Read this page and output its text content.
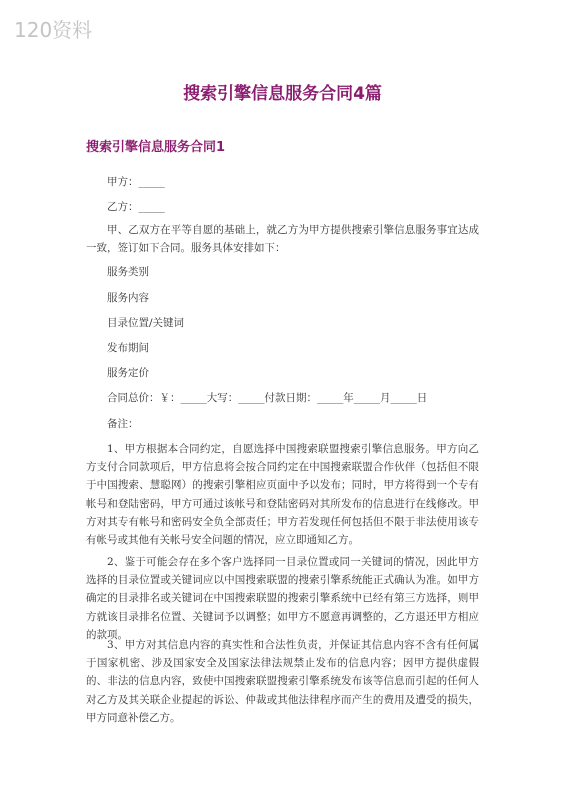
120资料
搜索引擎信息服务合同4篇
搜索引擎信息服务合同1
甲方：_____
乙方：_____
甲、乙双方在平等自愿的基础上，就乙方为甲方提供搜索引擎信息服务事宜达成一致，签订如下合同。服务具体安排如下：
服务类别
服务内容
目录位置/关键词
发布期间
服务定价
合同总价：￥：_____大写：_____付款日期：_____年_____月_____日
备注：
1、甲方根据本合同约定，自愿选择中国搜索联盟搜索引擎信息服务。甲方向乙方支付合同款项后，甲方信息将会按合同约定在中国搜索联盟合作伙伴（包括但不限于中国搜索、慧聪网）的搜索引擎相应页面中予以发布；同时，甲方将得到一个专有帐号和登陆密码，甲方可通过该帐号和登陆密码对其所发布的信息进行在线修改。甲方对其专有帐号和密码安全负全部责任；甲方若发现任何包括但不限于非法使用该专有帐号或其他有关帐号安全问题的情况，应立即通知乙方。
2、鉴于可能会存在多个客户选择同一目录位置或同一关键词的情况，因此甲方选择的目录位置或关键词应以中国搜索联盟的搜索引擎系统能正式确认为准。如甲方确定的目录排名或关键词在中国搜索联盟的搜索引擎系统中已经有第三方选择，则甲方就该目录排名位置、关键词予以调整；如甲方不愿意再调整的，乙方退还甲方相应的款项。
3、甲方对其信息内容的真实性和合法性负责，并保证其信息内容不含有任何属于国家机密、涉及国家安全及国家法律法规禁止发布的信息内容；因甲方提供虚假的、非法的信息内容，致使中国搜索联盟搜索引擎系统发布该等信息而引起的任何人对乙方及其关联企业提起的诉讼、仲裁或其他法律程序而产生的费用及遭受的损失，甲方同意补偿乙方。
